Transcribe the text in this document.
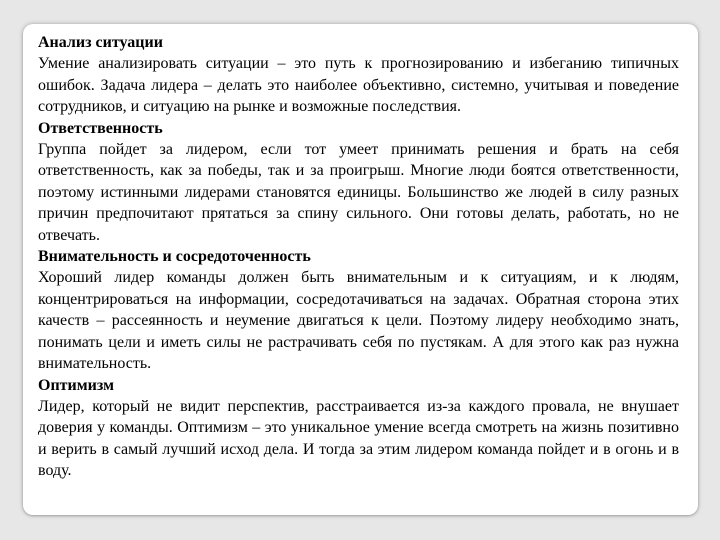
Анализ ситуации

Умение анализировать ситуации – это путь к прогнозированию и избеганию типичных ошибок. Задача лидера – делать это наиболее объективно, системно, учитывая и поведение сотрудников, и ситуацию на рынке и возможные последствия.

Ответственность

Группа пойдет за лидером, если тот умеет принимать решения и брать на себя ответственность, как за победы, так и за проигрыш. Многие люди боятся ответственности, поэтому истинными лидерами становятся единицы. Большинство же людей в силу разных причин предпочитают прятаться за спину сильного. Они готовы делать, работать, но не отвечать.

Внимательность и сосредоточенность

Хороший лидер команды должен быть внимательным и к ситуациям, и к людям, концентрироваться на информации, сосредотачиваться на задачах. Обратная сторона этих качеств – рассеянность и неумение двигаться к цели. Поэтому лидеру необходимо знать, понимать цели и иметь силы не растрачивать себя по пустякам. А для этого как раз нужна внимательность.

Оптимизм

Лидер, который не видит перспектив, расстраивается из-за каждого провала, не внушает доверия у команды. Оптимизм – это уникальное умение всегда смотреть на жизнь позитивно и верить в самый лучший исход дела. И тогда за этим лидером команда пойдет и в огонь и в воду.
